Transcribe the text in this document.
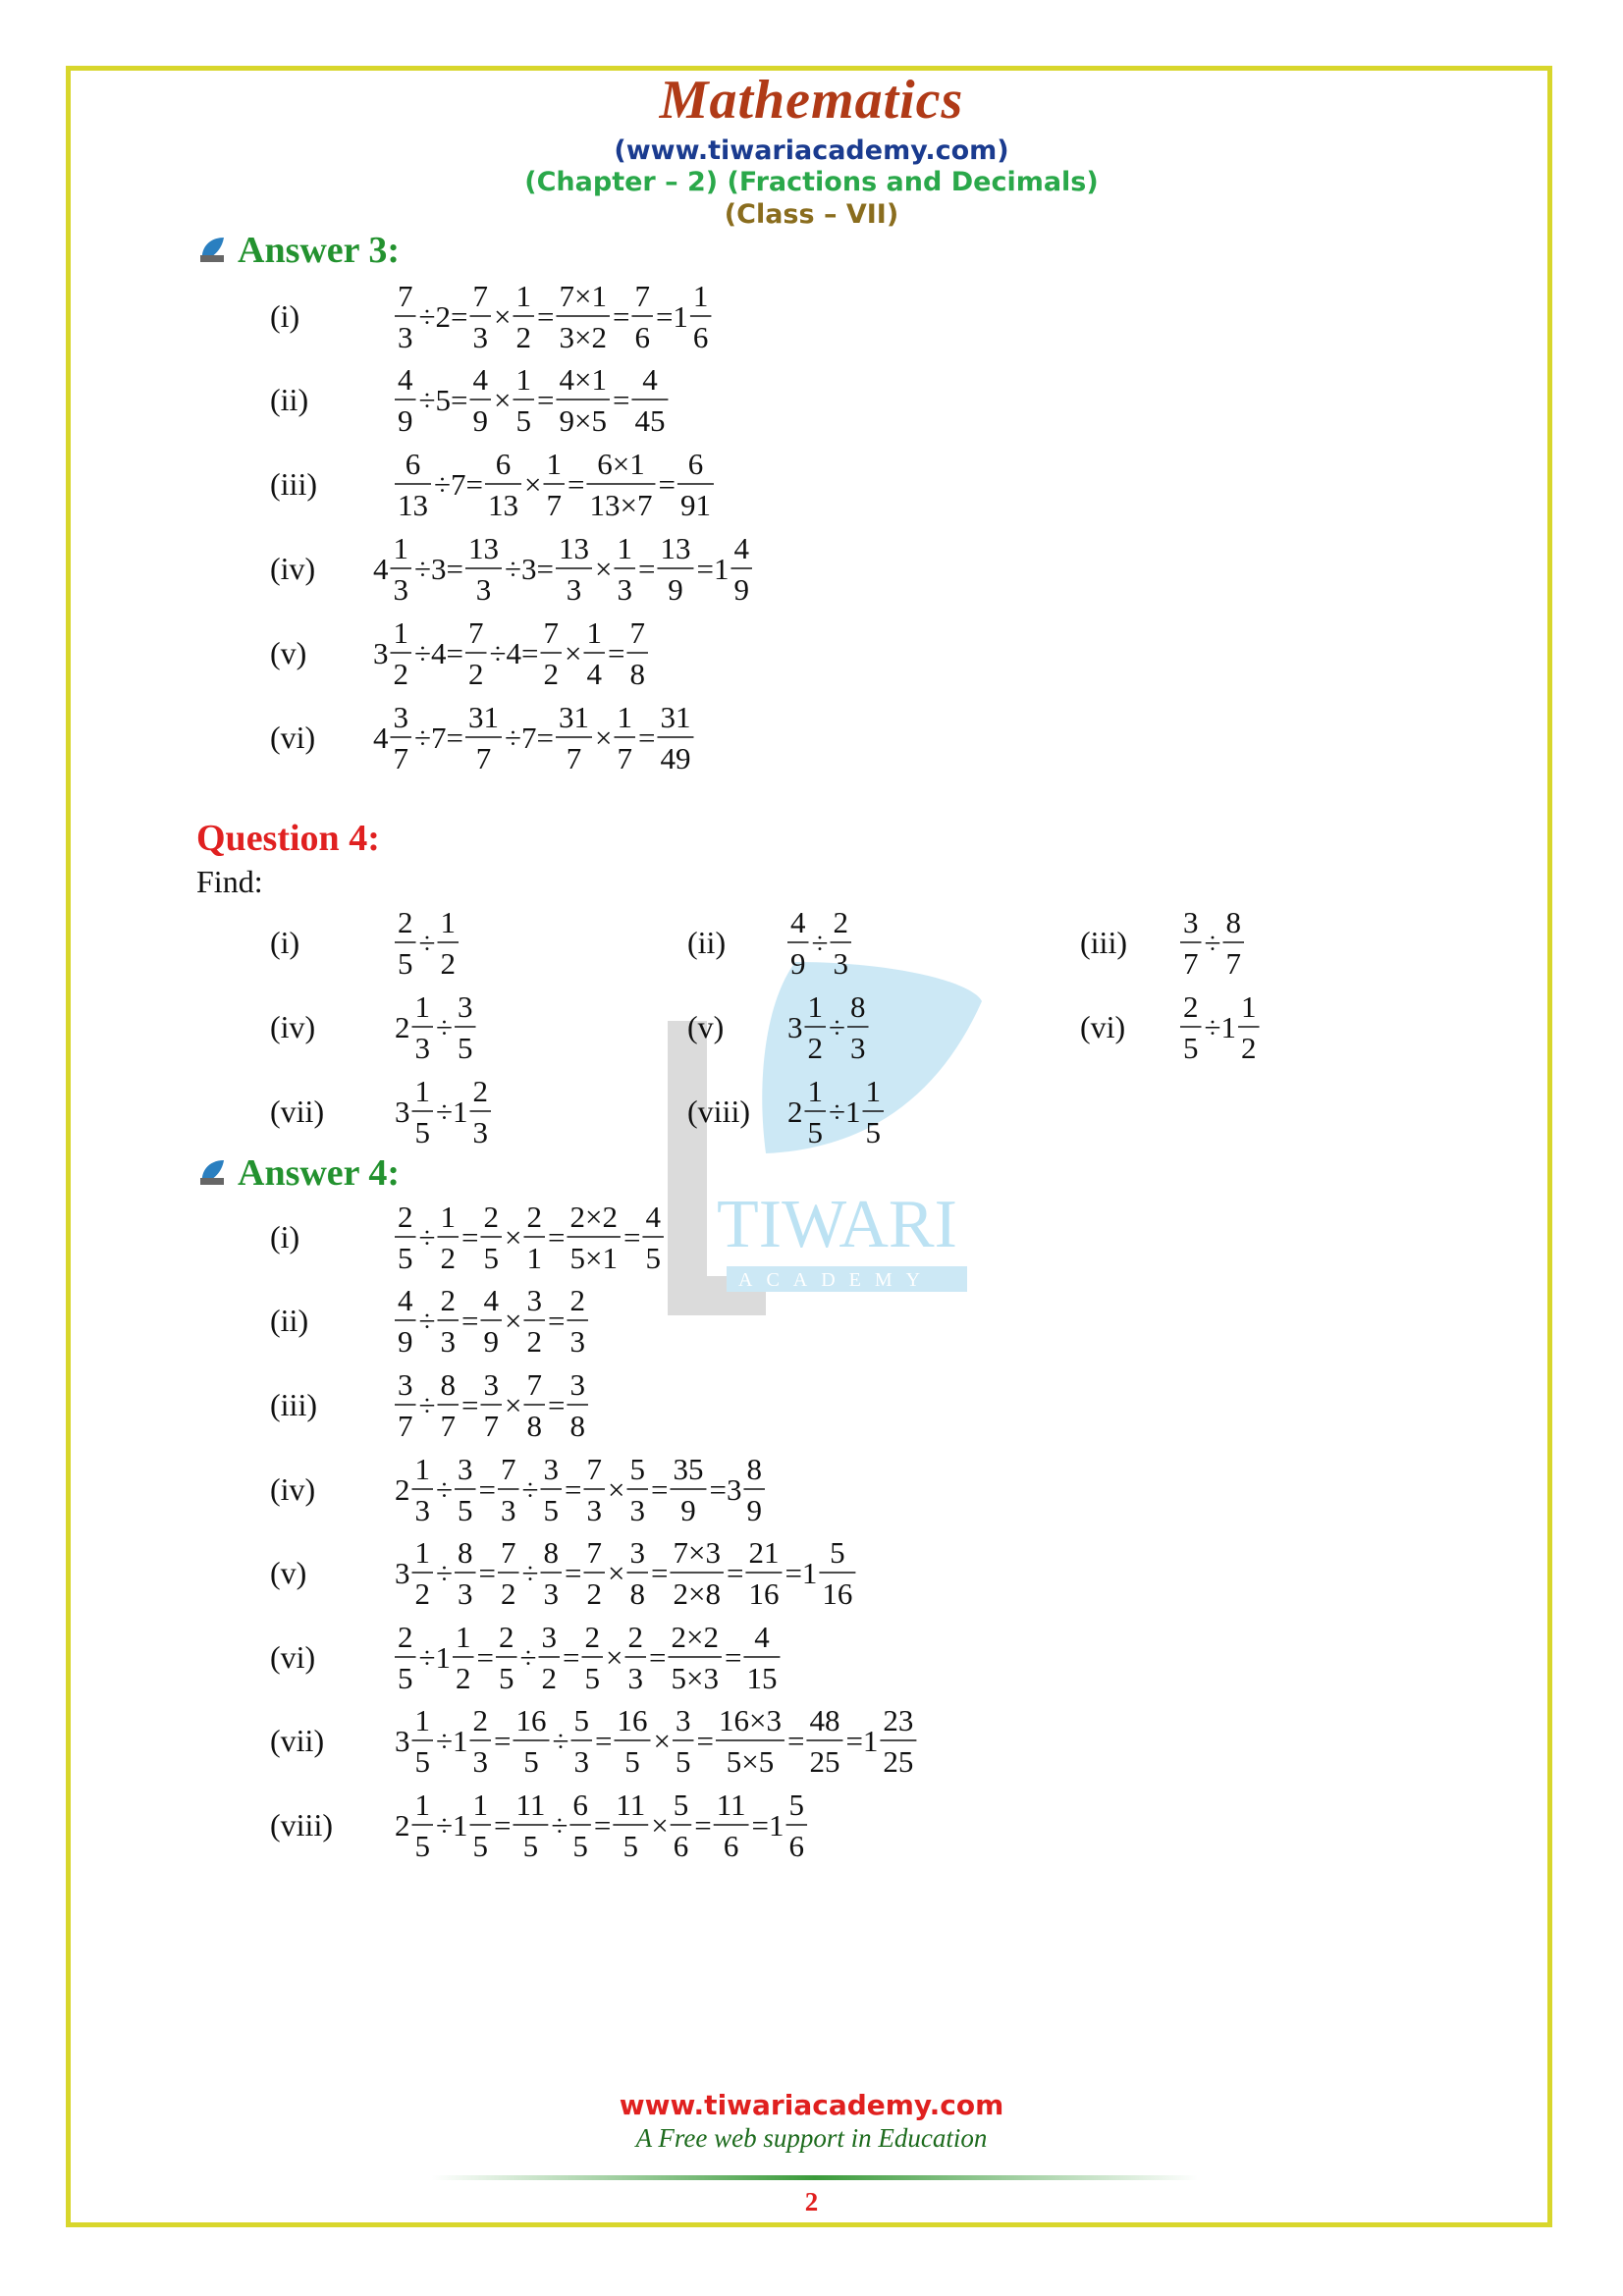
TIWARI
ACADEMY
Mathematics
(www.tiwariacademy.com)
(Chapter – 2) (Fractions and Decimals)
(Class – VII)
Answer 3:
(i)
7
3
÷2=
7
3
×
1
2
=
7×1
3×2
=
7
6
=1
1
6
(ii)
4
9
÷5=
4
9
×
1
5
=
4×1
9×5
=
4
45
(iii)
6
13
÷7=
6
13
×
1
7
=
6×1
13×7
=
6
91
(iv) 4
1
3
÷3=
13
3
÷3=
13
3
×
1
3
=
13
9
=1
4
9
(v) 3
1
2
÷4=
7
2
÷4=
7
2
×
1
4
=
7
8
(vi) 4
3
7
÷7=
31
7
÷7=
31
7
×
1
7
=
31
49
Question 4:
Find:
(i)
2
5
÷
1
2
(ii)
4
9
÷
2
3
(iii)
3
7
÷
8
7
(iv)	2
1
3
÷
3
5
(v) 3
1
2
÷
8
3
(vi)
2
5
÷1
1
2
(vii) 3
1
5
÷1
2
3
(viii) 2
1
5
÷1
1
5
Answer 4:
(i)
2
5
÷
1
2
=
2
5
×
2
1
=
2×2
5×1
=
4
5
(ii)
4
9
÷
2
3
=
4
9
×
3
2
=
2
3
(iii)
3
7
÷
8
7
=
3
7
×
7
8
=
3
8
(iv)	2
1
3
÷
3
5
=
7
3
÷
3
5
=
7
3
×
5
3
=
35
9
=3
8
9
(v)	3
1
2
÷
8
3
=
7
2
÷
8
3
=
7
2
×
3
8
=
7×3
2×8
=
21
16
=1
5
16
(vi)
2
5
÷1
1
2
=
2
5
÷
3
2
=
2
5
×
2
3
=
2×2
5×3
=
4
15
(vii) 3
1
5
÷1
2
3
=
16
5
÷
5
3
=
16
5
×
3
5
=
16×3
5×5
=
48
25
=1
23
25
(viii) 2
1
5
÷1
1
5
=
11
5
÷
6
5
=
11
5
×
5
6
=
11
6
=1
5
6
www.tiwariacademy.com
A Free web support in Education
2
